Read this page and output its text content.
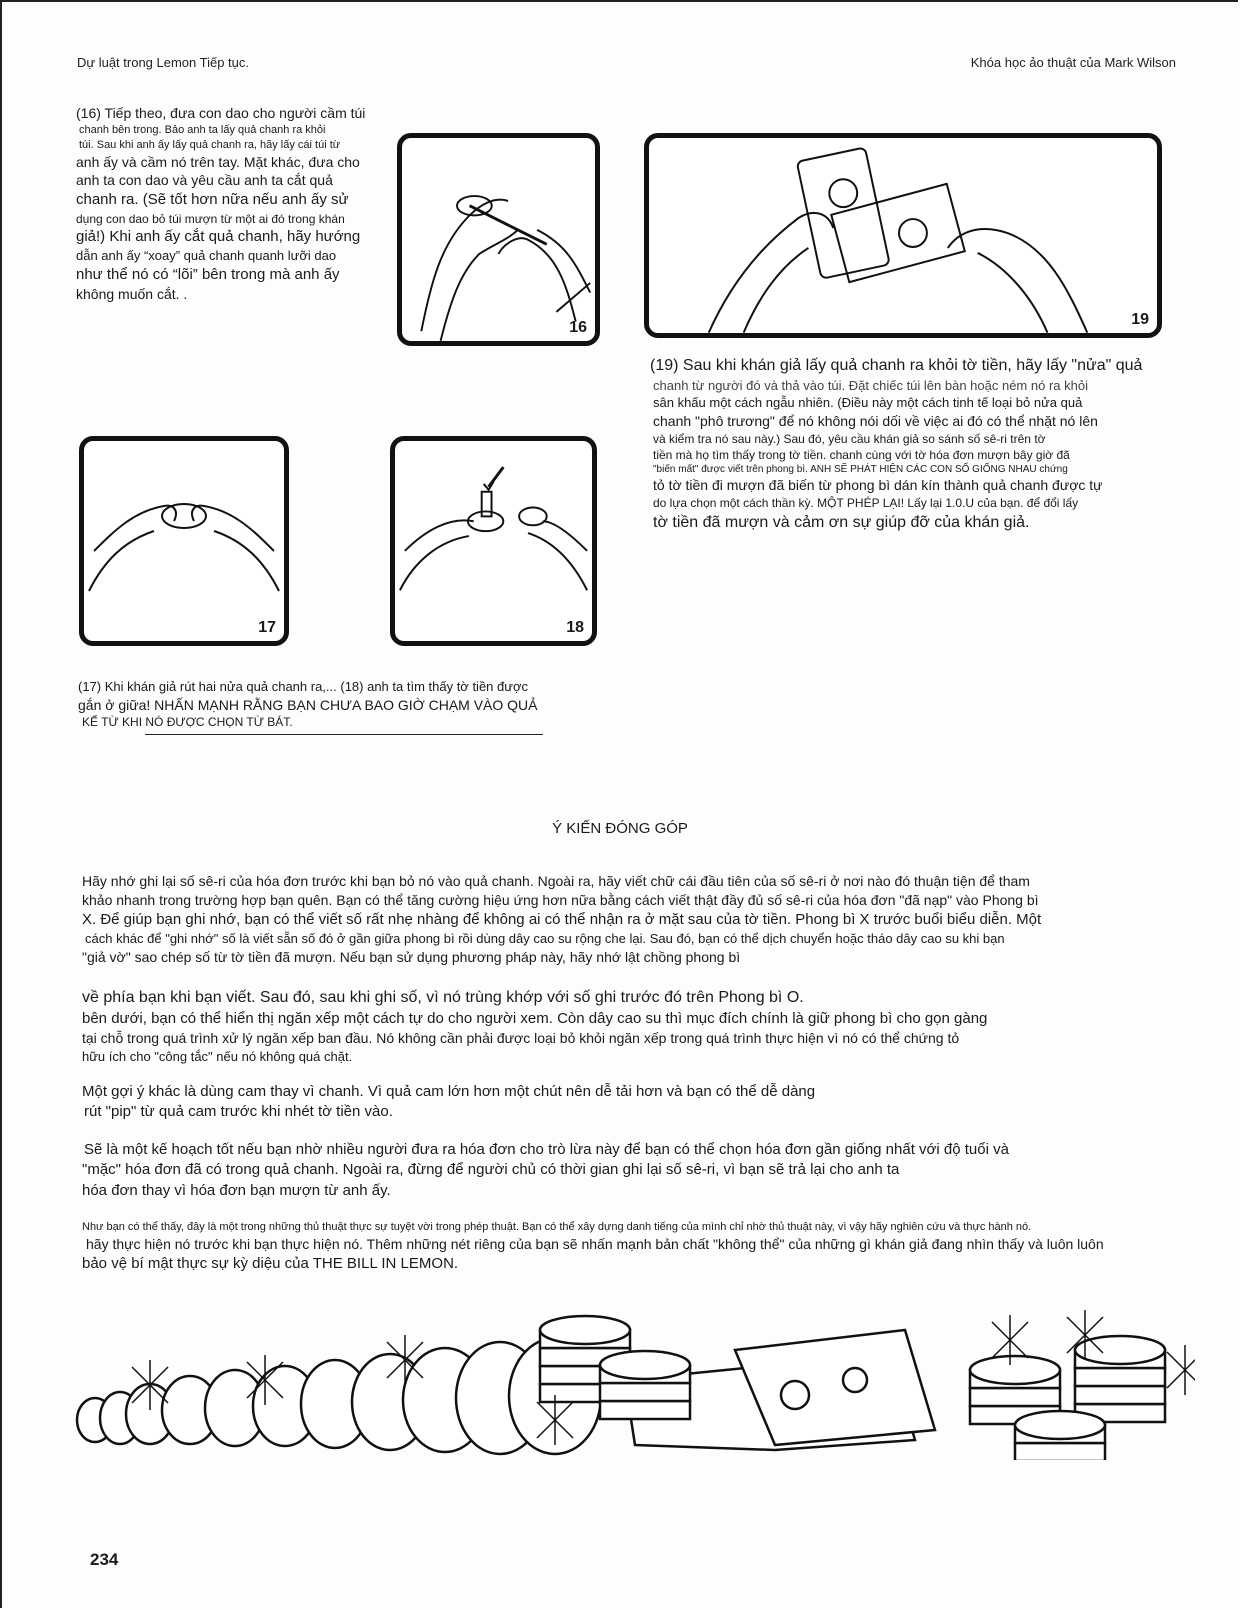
Dự luật trong Lemon Tiếp tục.	Khóa học ảo thuật của Mark Wilson

(16) Tiếp theo, đưa con dao cho người cầm túi

chanh bên trong. Bảo anh ta lấy quả chanh ra khỏi

túi. Sau khi anh ấy lấy quả chanh ra, hãy lấy cái túi từ

anh ấy và cầm nó trên tay. Mặt khác, đưa cho

anh ta con dao và yêu cầu anh ta cắt quả

chanh ra. (Sẽ tốt hơn nữa nếu anh ấy sử

dụng con dao bỏ túi mượn từ một ai đó trong khán

giả!) Khi anh ấy cắt quả chanh, hãy hướng

dẫn anh ấy “xoay” quả chanh quanh lưỡi dao

như thể nó có “lõi” bên trong mà anh ấy

không muốn cắt. .

16	19

(19) Sau khi khán giả lấy quả chanh ra khỏi tờ tiền, hãy lấy "nửa" quả

chanh từ người đó và thả vào túi. Đặt chiếc túi lên bàn hoặc ném nó ra khỏi

sân khấu một cách ngẫu nhiên. (Điều này một cách tinh tế loại bỏ nửa quả

chanh "phô trương" để nó không nói dối về việc ai đó có thể nhặt nó lên

và kiểm tra nó sau này.) Sau đó, yêu cầu khán giả so sánh số sê-ri trên tờ

tiền mà họ tìm thấy trong tờ tiền. chanh cùng với tờ hóa đơn mượn bây giờ đã

"biến mất" được viết trên phong bì. ANH SẼ PHÁT HIỆN CÁC CON SỐ GIỐNG NHAU chứng

tỏ tờ tiền đi mượn đã biến từ phong bì dán kín thành quả chanh được tự

do lựa chọn một cách thần kỳ. MỘT PHÉP LẠI! Lấy lại 1.0.U của bạn. để đổi lấy

tờ tiền đã mượn và cảm ơn sự giúp đỡ của khán giả.

17	18

(17) Khi khán giả rút hai nửa quả chanh ra,... (18) anh ta tìm thấy tờ tiền được

gắn ở giữa! NHẤN MẠNH RẰNG BẠN CHƯA BAO GIỜ CHẠM VÀO QUẢ

KỂ TỪ KHI NÓ ĐƯỢC CHỌN TỪ BÁT.

Ý KIẾN ĐÓNG GÓP

Hãy nhớ ghi lại số sê-ri của hóa đơn trước khi bạn bỏ nó vào quả chanh. Ngoài ra, hãy viết chữ cái đầu tiên của số sê-ri ở nơi nào đó thuận tiện để tham

khảo nhanh trong trường hợp bạn quên. Bạn có thể tăng cường hiệu ứng hơn nữa bằng cách viết thật đầy đủ số sê-ri của hóa đơn "đã nạp" vào Phong bì

X. Để giúp bạn ghi nhớ, bạn có thể viết số rất nhẹ nhàng để không ai có thể nhận ra ở mặt sau của tờ tiền. Phong bì X trước buổi biểu diễn. Một

cách khác để "ghi nhớ" số là viết sẵn số đó ở gần giữa phong bì rồi dùng dây cao su rộng che lại. Sau đó, bạn có thể dịch chuyển hoặc tháo dây cao su khi bạn

"giả vờ" sao chép số từ tờ tiền đã mượn. Nếu bạn sử dụng phương pháp này, hãy nhớ lật chồng phong bì

về phía bạn khi bạn viết. Sau đó, sau khi ghi số, vì nó trùng khớp với số ghi trước đó trên Phong bì O.

bên dưới, bạn có thể hiển thị ngăn xếp một cách tự do cho người xem. Còn dây cao su thì mục đích chính là giữ phong bì cho gọn gàng

tại chỗ trong quá trình xử lý ngăn xếp ban đầu. Nó không cần phải được loại bỏ khỏi ngăn xếp trong quá trình thực hiện vì nó có thể chứng tỏ

hữu ích cho "công tắc" nếu nó không quá chặt.

Một gợi ý khác là dùng cam thay vì chanh. Vì quả cam lớn hơn một chút nên dễ tải hơn và bạn có thể dễ dàng

rút "pip" từ quả cam trước khi nhét tờ tiền vào.

Sẽ là một kế hoạch tốt nếu bạn nhờ nhiều người đưa ra hóa đơn cho trò lừa này để bạn có thể chọn hóa đơn gần giống nhất với độ tuổi và

"mặc" hóa đơn đã có trong quả chanh. Ngoài ra, đừng để người chủ có thời gian ghi lại số sê-ri, vì bạn sẽ trả lại cho anh ta

hóa đơn thay vì hóa đơn bạn mượn từ anh ấy.

Như bạn có thể thấy, đây là một trong những thủ thuật thực sự tuyệt vời trong phép thuật. Bạn có thể xây dựng danh tiếng của mình chỉ nhờ thủ thuật này, vì vậy hãy nghiên cứu và thực hành nó.

hãy thực hiện nó trước khi bạn thực hiện nó. Thêm những nét riêng của bạn sẽ nhấn mạnh bản chất "không thể" của những gì khán giả đang nhìn thấy và luôn luôn

bảo vệ bí mật thực sự kỳ diệu của THE BILL IN LEMON.

234
